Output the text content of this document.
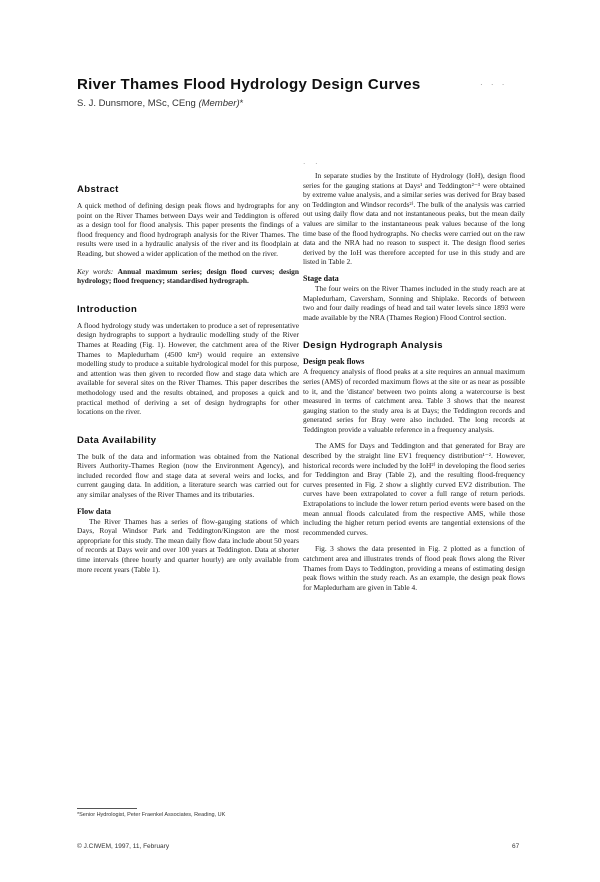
River Thames Flood Hydrology Design Curves	· · ·
S. J. Dunsmore, MSc, CEng (Member)*
Abstract

A quick method of defining design peak flows and hydrographs for any point on the River Thames between Days weir and Teddington is offered as a design tool for flood analysis. This paper presents the findings of a flood frequency and flood hydrograph analysis for the River Thames. The results were used in a hydraulic analysis of the river and its floodplain at Reading, but showed a wider application of the method on the river.

Key words: Annual maximum series; design flood curves; design hydrology; flood frequency; standardised hydrograph.

Introduction

A flood hydrology study was undertaken to produce a set of representative design hydrographs to support a hydraulic modelling study of the River Thames at Reading (Fig. 1). However, the catchment area of the River Thames to Mapledurham (4500 km²) would require an extensive modelling study to produce a suitable hydrological model for this purpose, and attention was then given to recorded flow and stage data which are available for several sites on the River Thames. This paper describes the methodology used and the results obtained, and proposes a quick and practical method of deriving a set of design hydrographs for other locations on the river.

Data Availability

The bulk of the data and information was obtained from the National Rivers Authority-Thames Region (now the Environment Agency), and included recorded flow and stage data at several weirs and locks, and current gauging data. In addition, a literature search was carried out for any similar analyses of the River Thames and its tributaries.

Flow data

The River Thames has a series of flow-gauging stations of which Days, Royal Windsor Park and Teddington/Kingston are the most appropriate for this study. The mean daily flow data include about 50 years of records at Days weir and over 100 years at Teddington. Data at shorter time intervals (three hourly and quarter hourly) are only available from more recent years (Table 1).

· ·

In separate studies by the Institute of Hydrology (IoH), design flood series for the gauging stations at Days¹ and Teddington²⁻³ were obtained by extreme value analysis, and a similar series was derived for Bray based on Teddington and Windsor records²⁾. The bulk of the analysis was carried out using daily flow data and not instantaneous peaks, but the mean daily values are similar to the instantaneous peak values because of the long time base of the flood hydrographs. No checks were carried out on the raw data and the NRA had no reason to suspect it. The design flood series derived by the IoH was therefore accepted for use in this study and are listed in Table 2.

Stage data

The four weirs on the River Thames included in the study reach are at Mapledurham, Caversham, Sonning and Shiplake. Records of between two and four daily readings of head and tail water levels since 1893 were made available by the NRA (Thames Region) Flood Control section.

Design Hydrograph Analysis
Design peak flows

A frequency analysis of flood peaks at a site requires an annual maximum series (AMS) of recorded maximum flows at the site or as near as possible to it, and the 'distance' between two points along a watercourse is best measured in terms of catchment area. Table 3 shows that the nearest gauging station to the study area is at Days; the Teddington records and generated series for Bray were also included. The long records at Teddington provide a valuable reference in a frequency analysis.

The AMS for Days and Teddington and that generated for Bray are described by the straight line EV1 frequency distribution¹⁻². However, historical records were included by the IoH²⁾ in developing the flood series for Teddington and Bray (Table 2), and the resulting flood-frequency curves presented in Fig. 2 show a slightly curved EV2 distribution. The curves have been extrapolated to cover a full range of return periods. Extrapolations to include the lower return period events were based on the mean annual floods calculated from the respective AMS, while those including the higher return period events are tangential extensions of the recommended curves.

Fig. 3 shows the data presented in Fig. 2 plotted as a function of catchment area and illustrates trends of flood peak flows along the River Thames from Days to Teddington, providing a means of estimating design peak flows within the study reach. As an example, the design peak flows for Mapledurham are given in Table 4.

*Senior Hydrologist, Peter Fraenkel Associates, Reading, UK
© J.CIWEM, 1997, 11, February	67
